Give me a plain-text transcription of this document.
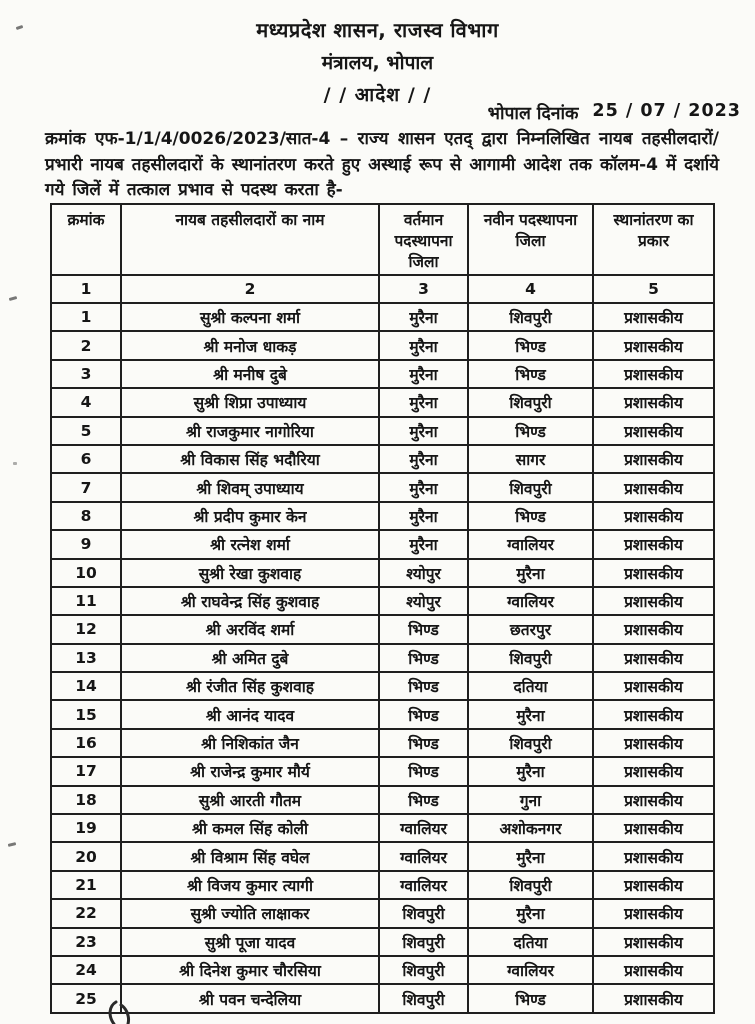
मध्यप्रदेश शासन, राजस्व विभाग
मंत्रालय, भोपाल
/ / आदेश / /
भोपाल दिनांक 25 / 07 / 2023
क्रमांक एफ-1/1/4/0026/2023/सात-4 – राज्य शासन एतद् द्वारा निम्नलिखित नायब तहसीलदारों/प्रभारी नायब तहसीलदारों के स्थानांतरण करते हुए अस्थाई रूप से आगामी आदेश तक कॉलम-4 में दर्शाये गये जिलें में तत्काल प्रभाव से पदस्थ करता है-
क्रमांक	नायब तहसीलदारों का नाम	वर्तमान पदस्थापना जिला	नवीन पदस्थापना जिला	स्थानांतरण का प्रकार
1	2	3	4	5
1	सुश्री कल्पना शर्मा	मुरैना	शिवपुरी	प्रशासकीय
2	श्री मनोज धाकड़	मुरैना	भिण्ड	प्रशासकीय
3	श्री मनीष दुबे	मुरैना	भिण्ड	प्रशासकीय
4	सुश्री शिप्रा उपाध्याय	मुरैना	शिवपुरी	प्रशासकीय
5	श्री राजकुमार नागोरिया	मुरैना	भिण्ड	प्रशासकीय
6	श्री विकास सिंह भदौरिया	मुरैना	सागर	प्रशासकीय
7	श्री शिवम् उपाध्याय	मुरैना	शिवपुरी	प्रशासकीय
8	श्री प्रदीप कुमार केन	मुरैना	भिण्ड	प्रशासकीय
9	श्री रत्नेश शर्मा	मुरैना	ग्वालियर	प्रशासकीय
10	सुश्री रेखा कुशवाह	श्योपुर	मुरैना	प्रशासकीय
11	श्री राघवेन्द्र सिंह कुशवाह	श्योपुर	ग्वालियर	प्रशासकीय
12	श्री अरविंद शर्मा	भिण्ड	छतरपुर	प्रशासकीय
13	श्री अमित दुबे	भिण्ड	शिवपुरी	प्रशासकीय
14	श्री रंजीत सिंह कुशवाह	भिण्ड	दतिया	प्रशासकीय
15	श्री आनंद यादव	भिण्ड	मुरैना	प्रशासकीय
16	श्री निशिकांत जैन	भिण्ड	शिवपुरी	प्रशासकीय
17	श्री राजेन्द्र कुमार मौर्य	भिण्ड	मुरैना	प्रशासकीय
18	सुश्री आरती गौतम	भिण्ड	गुना	प्रशासकीय
19	श्री कमल सिंह कोली	ग्वालियर	अशोकनगर	प्रशासकीय
20	श्री विश्राम सिंह वघेल	ग्वालियर	मुरैना	प्रशासकीय
21	श्री विजय कुमार त्यागी	ग्वालियर	शिवपुरी	प्रशासकीय
22	सुश्री ज्योति लाक्षाकर	शिवपुरी	मुरैना	प्रशासकीय
23	सुश्री पूजा यादव	शिवपुरी	दतिया	प्रशासकीय
24	श्री दिनेश कुमार चौरसिया	शिवपुरी	ग्वालियर	प्रशासकीय
25	श्री पवन चन्देलिया	शिवपुरी	भिण्ड	प्रशासकीय
